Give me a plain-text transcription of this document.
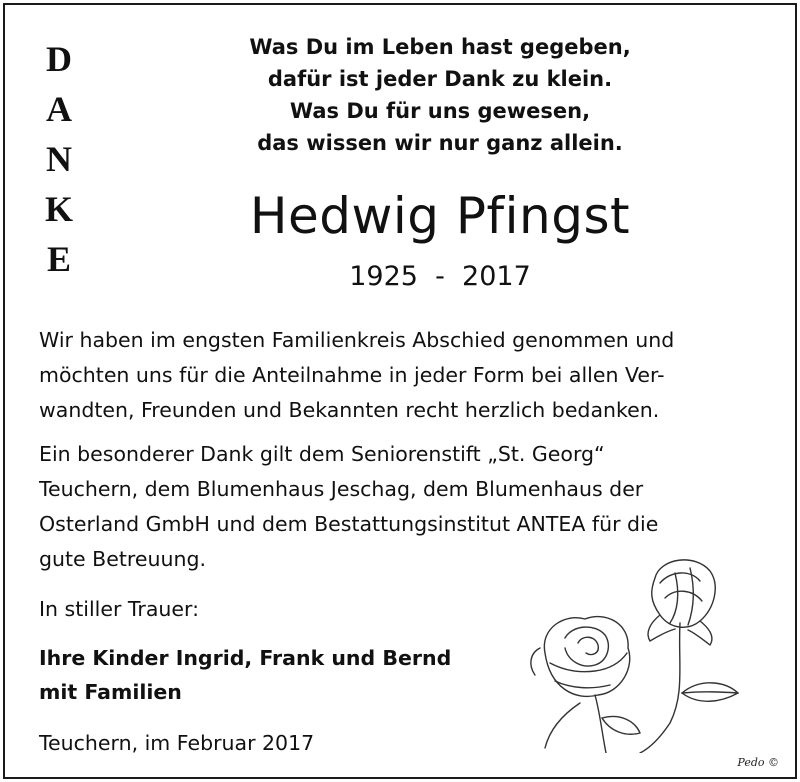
D
A
N
K
E
Was Du im Leben hast gegeben,
dafür ist jeder Dank zu klein.
Was Du für uns gewesen,
das wissen wir nur ganz allein.
Hedwig Pfingst
1925  -  2017
Wir haben im engsten Familienkreis Abschied genommen und
möchten uns für die Anteilnahme in jeder Form bei allen Ver-
wandten, Freunden und Bekannten recht herzlich bedanken.
Ein besonderer Dank gilt dem Seniorenstift „St. Georg“
Teuchern, dem Blumenhaus Jeschag, dem Blumenhaus der
Osterland GmbH und dem Bestattungsinstitut ANTEA für die
gute Betreuung.
In stiller Trauer:
Ihre Kinder Ingrid, Frank und Bernd
mit Familien
Teuchern, im Februar 2017
Pedo ©
